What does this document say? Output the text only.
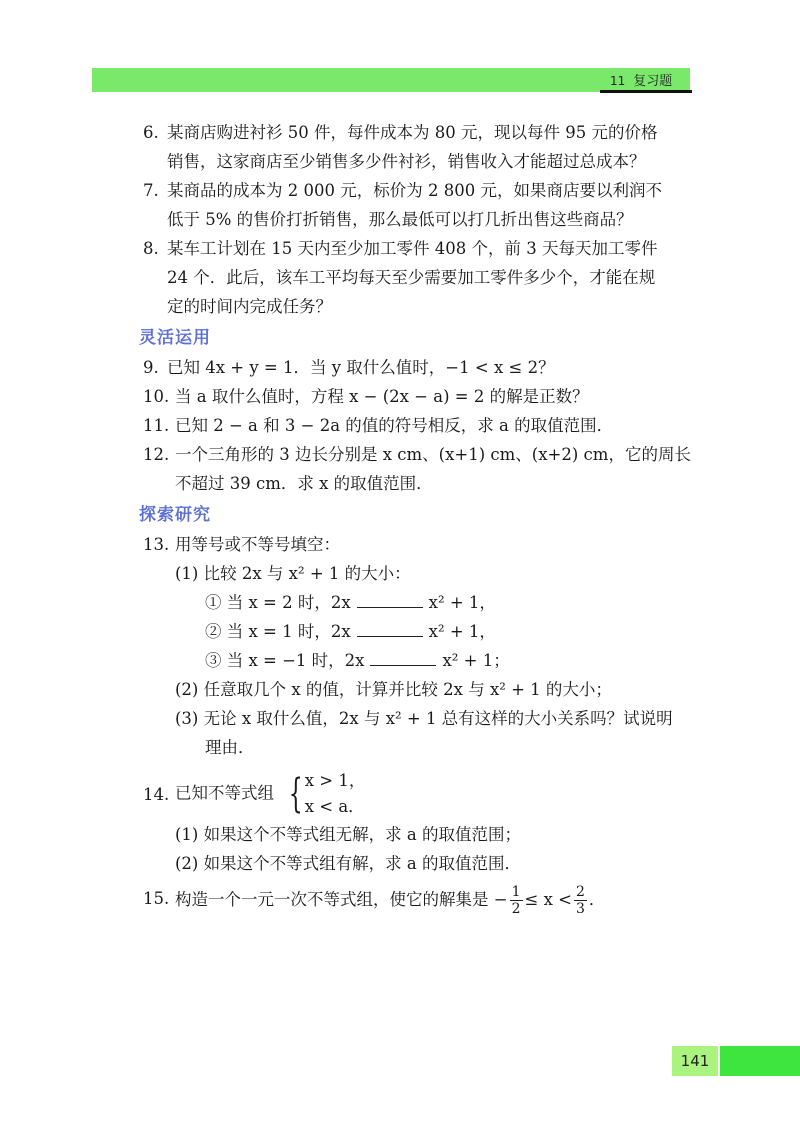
11 复习题
6. 某商店购进衬衫 50 件，每件成本为 80 元，现以每件 95 元的价格
销售，这家商店至少销售多少件衬衫，销售收入才能超过总成本？
7. 某商品的成本为 2 000 元，标价为 2 800 元，如果商店要以利润不
低于 5% 的售价打折销售，那么最低可以打几折出售这些商品？
8. 某车工计划在 15 天内至少加工零件 408 个，前 3 天每天加工零件
24 个．此后，该车工平均每天至少需要加工零件多少个，才能在规
定的时间内完成任务？
灵活运用
9. 已知 4x + y = 1．当 y 取什么值时，−1 < x ≤ 2？
10. 当 a 取什么值时，方程 x − (2x − a) = 2 的解是正数？
11. 已知 2 − a 和 3 − 2a 的值的符号相反，求 a 的取值范围．
12. 一个三角形的 3 边长分别是 x cm、(x+1) cm、(x+2) cm，它的周长
不超过 39 cm．求 x 的取值范围．
探索研究
13. 用等号或不等号填空：
(1) 比较 2x 与 x² + 1 的大小：
① 当 x = 2 时，2x	x² + 1，
② 当 x = 1 时，2x	x² + 1，
③ 当 x = −1 时，2x	x² + 1；
(2) 任意取几个 x 的值，计算并比较 2x 与 x² + 1 的大小；
(3) 无论 x 取什么值，2x 与 x² + 1 总有这样的大小关系吗？试说明 理由．
14. 已知不等式组 { x > 1，
x < a．
(1) 如果这个不等式组无解，求 a 的取值范围；
(2) 如果这个不等式组有解，求 a 的取值范围．
15. 构造一个一元一次不等式组，使它的解集是 − $\frac{1}{2} \le x < \frac{2}{3}$ ．
141
